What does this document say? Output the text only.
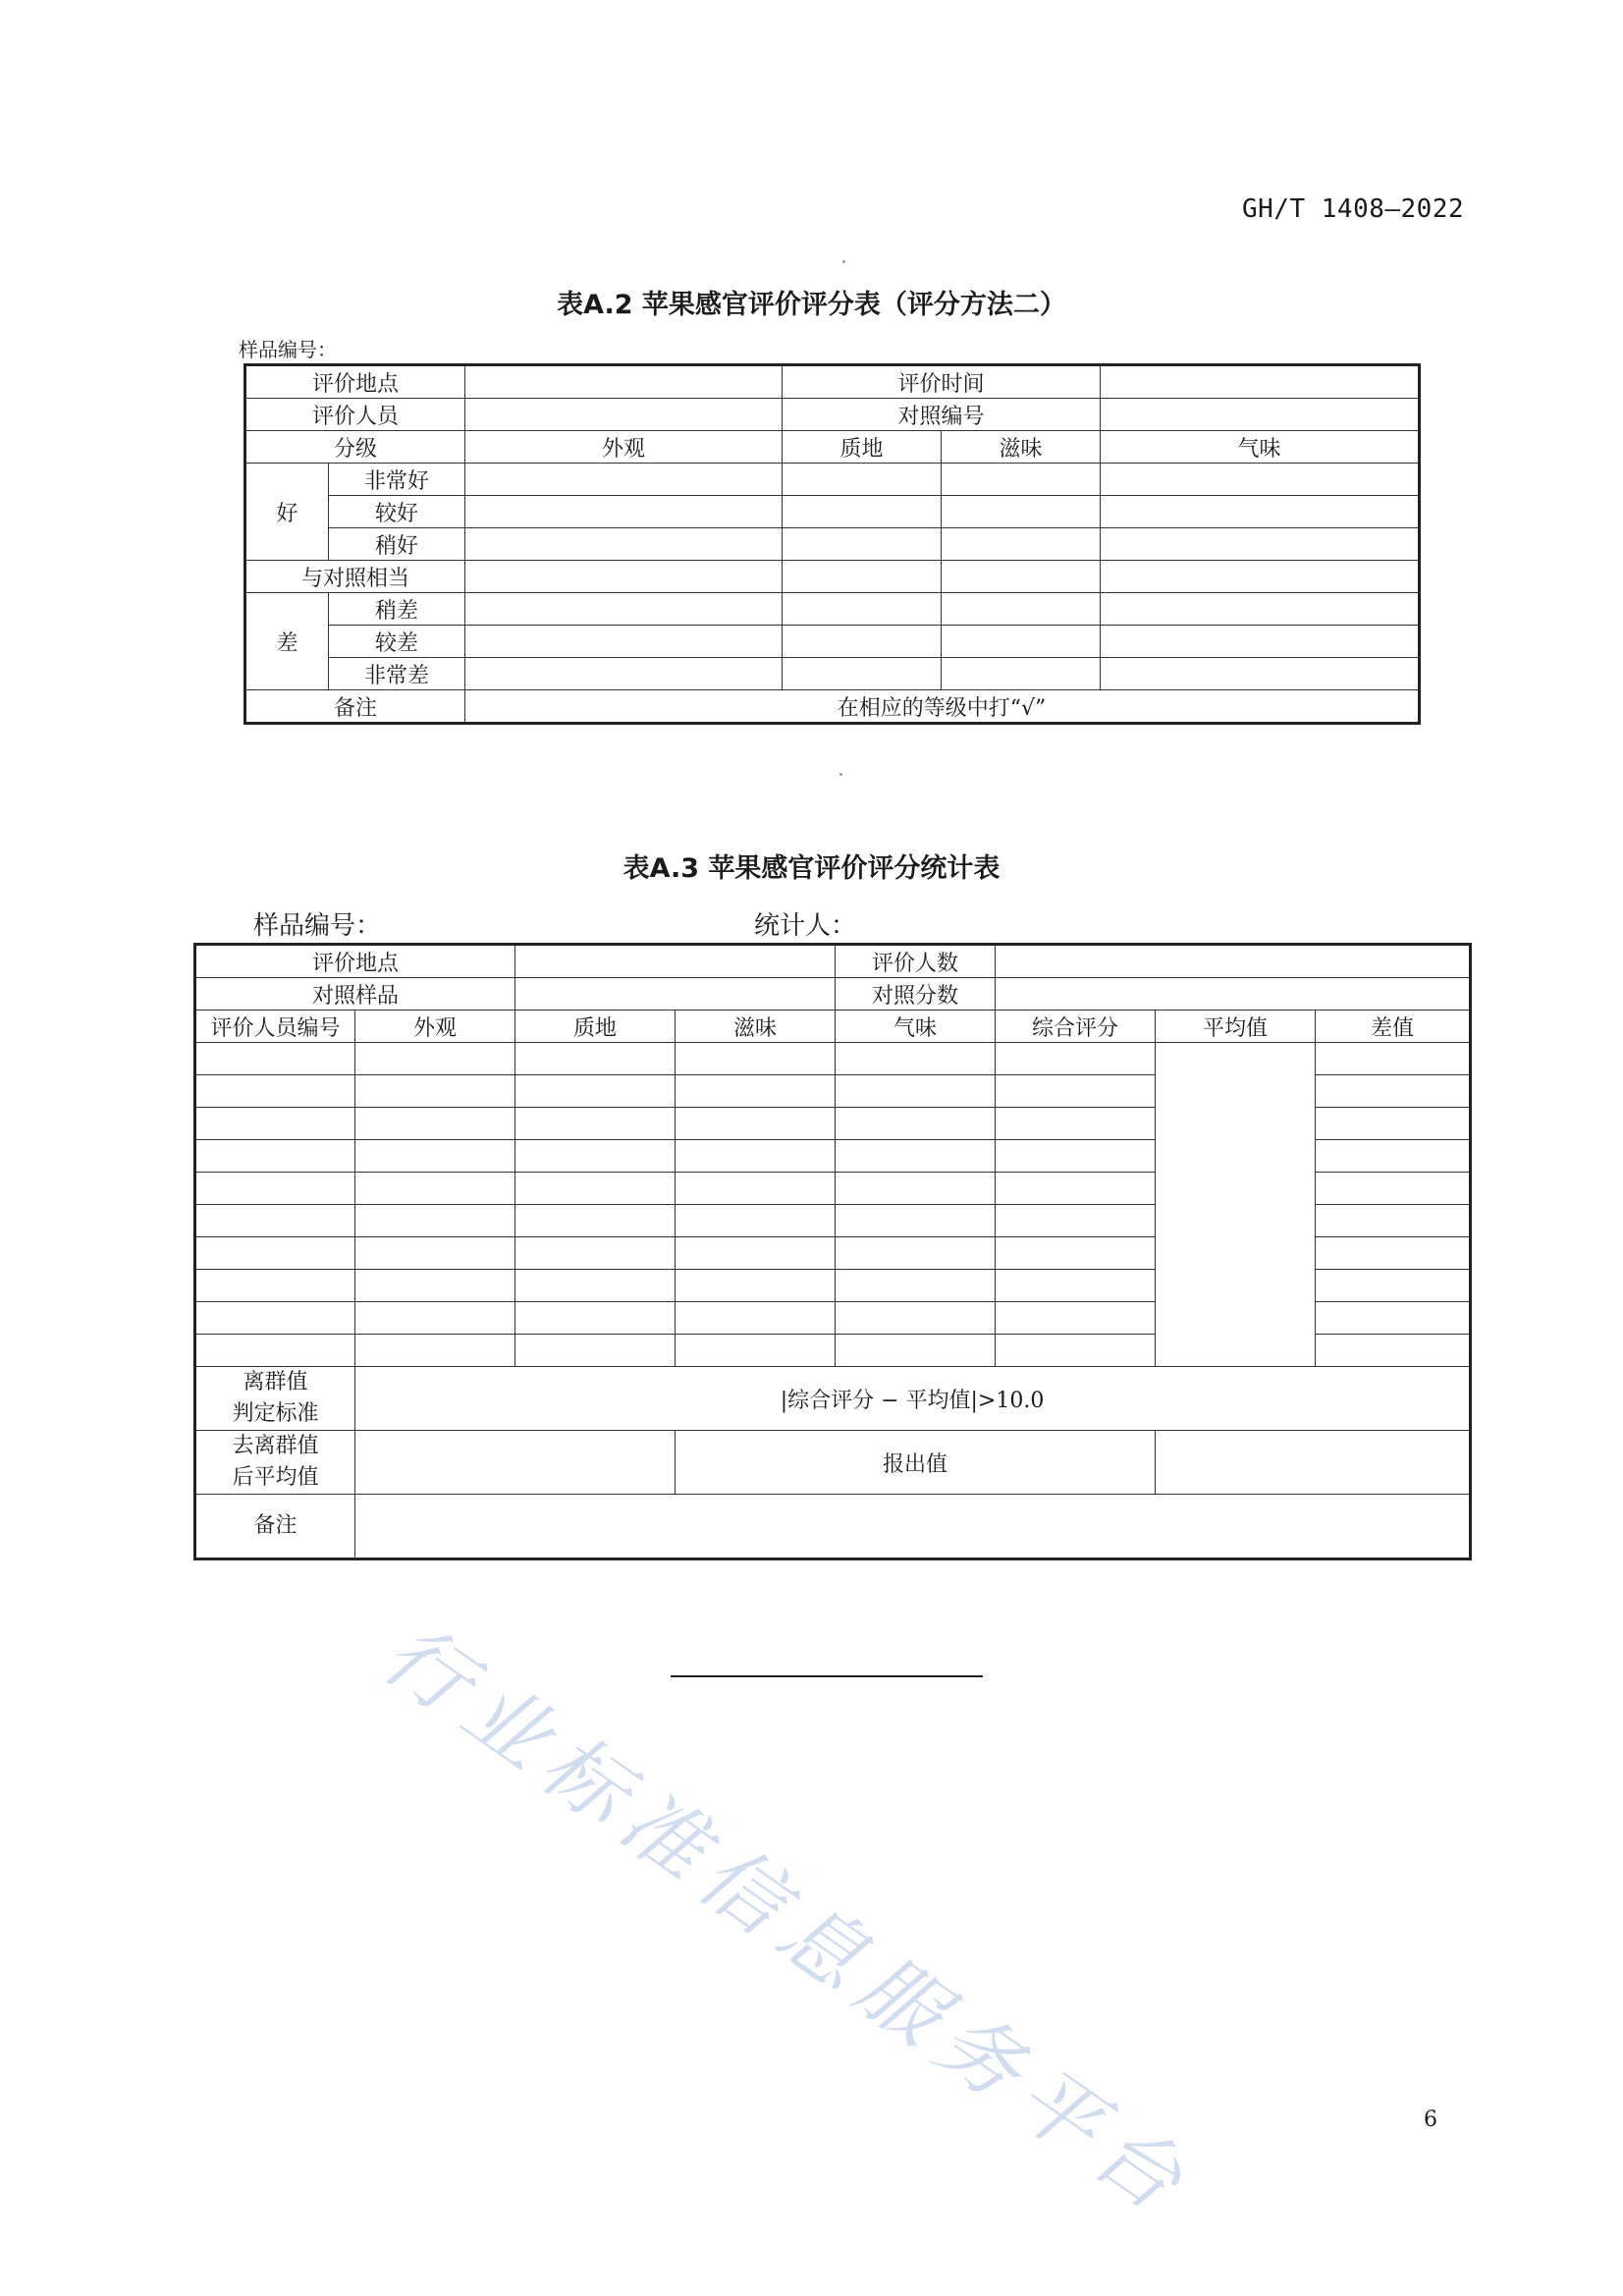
GH/T 1408—2022
表A.2 苹果感官评价评分表（评分方法二）
样品编号：
评价地点			评价时间		
评价人员			对照编号		
分级		外观	质地	滋味	气味
好	非常好				
	较好				
	稍好				
与对照相当					
差	稍差				
	较差				
	非常差				
备注		在相应的等级中打“√”			
表A.3 苹果感官评价评分统计表
样品编号：	统计人：
评价地点				评价人数			
对照样品				对照分数			
评价人员编号	外观	质地	滋味	气味	综合评分	平均值	差值

离群值
判定标准	|综合评分 − 平均值|>10.0						
去离群值
后平均值			报出值				
备注							
行业标准信息服务平台	6
